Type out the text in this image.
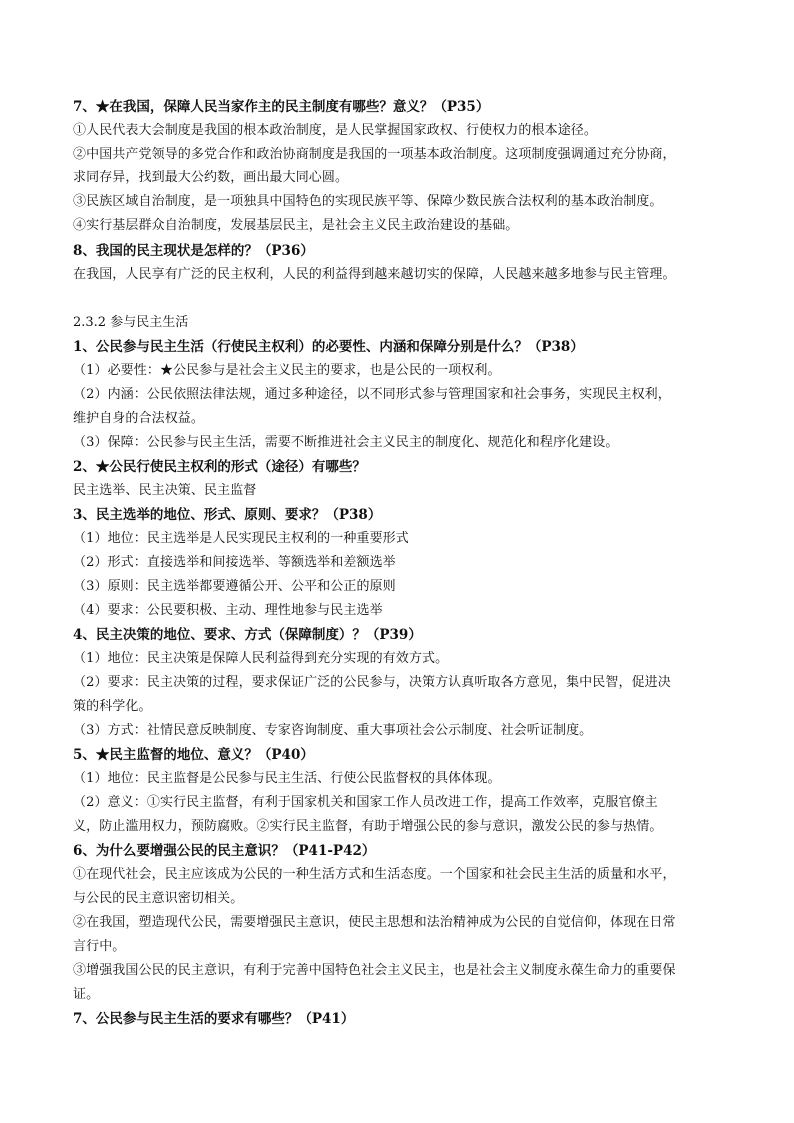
7、★在我国，保障人民当家作主的民主制度有哪些？意义？（P35）
①人民代表大会制度是我国的根本政治制度，是人民掌握国家政权、行使权力的根本途径。
②中国共产党领导的多党合作和政治协商制度是我国的一项基本政治制度。这项制度强调通过充分协商，
求同存异，找到最大公约数，画出最大同心圆。
③民族区域自治制度，是一项独具中国特色的实现民族平等、保障少数民族合法权利的基本政治制度。
④实行基层群众自治制度，发展基层民主，是社会主义民主政治建设的基础。
8、我国的民主现状是怎样的？（P36）
在我国，人民享有广泛的民主权利，人民的利益得到越来越切实的保障，人民越来越多地参与民主管理。
2.3.2 参与民主生活
1、公民参与民主生活（行使民主权利）的必要性、内涵和保障分别是什么？（P38）
（1）必要性：★公民参与是社会主义民主的要求，也是公民的一项权利。
（2）内涵：公民依照法律法规，通过多种途径，以不同形式参与管理国家和社会事务，实现民主权利，
维护自身的合法权益。
（3）保障：公民参与民主生活，需要不断推进社会主义民主的制度化、规范化和程序化建设。
2、★公民行使民主权利的形式（途径）有哪些？
民主选举、民主决策、民主监督
3、民主选举的地位、形式、原则、要求？（P38）
（1）地位：民主选举是人民实现民主权利的一种重要形式
（2）形式：直接选举和间接选举、等额选举和差额选举
（3）原则：民主选举都要遵循公开、公平和公正的原则
（4）要求：公民要积极、主动、理性地参与民主选举
4、民主决策的地位、要求、方式（保障制度）？（P39）
（1）地位：民主决策是保障人民利益得到充分实现的有效方式。
（2）要求：民主决策的过程，要求保证广泛的公民参与，决策方认真听取各方意见，集中民智，促进决
策的科学化。
（3）方式：社情民意反映制度、专家咨询制度、重大事项社会公示制度、社会听证制度。
5、★民主监督的地位、意义？（P40）
（1）地位：民主监督是公民参与民主生活、行使公民监督权的具体体现。
（2）意义：①实行民主监督，有利于国家机关和国家工作人员改进工作，提高工作效率，克服官僚主
义，防止滥用权力，预防腐败。②实行民主监督，有助于增强公民的参与意识，激发公民的参与热情。
6、为什么要增强公民的民主意识？（P41-P42）
①在现代社会，民主应该成为公民的一种生活方式和生活态度。一个国家和社会民主生活的质量和水平，
与公民的民主意识密切相关。
②在我国，塑造现代公民，需要增强民主意识，使民主思想和法治精神成为公民的自觉信仰，体现在日常
言行中。
③增强我国公民的民主意识，有利于完善中国特色社会主义民主，也是社会主义制度永葆生命力的重要保
证。
7、公民参与民主生活的要求有哪些？（P41）
